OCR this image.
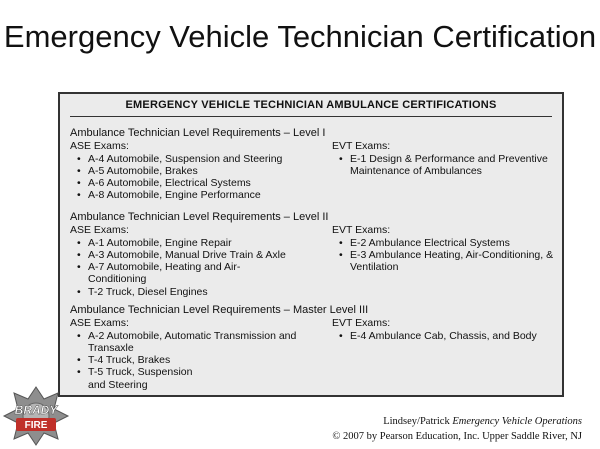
Emergency Vehicle Technician Certification
EMERGENCY VEHICLE TECHNICIAN AMBULANCE CERTIFICATIONS
Ambulance Technician Level Requirements – Level I
ASE Exams:
• A-4 Automobile, Suspension and Steering
• A-5 Automobile, Brakes
• A-6 Automobile, Electrical Systems
• A-8 Automobile, Engine Performance
EVT Exams:
• E-1 Design & Performance and Preventive Maintenance of Ambulances
Ambulance Technician Level Requirements – Level II
ASE Exams:
• A-1 Automobile, Engine Repair
• A-3 Automobile, Manual Drive Train & Axle
• A-7 Automobile, Heating and Air-Conditioning
• T-2 Truck, Diesel Engines
EVT Exams:
• E-2 Ambulance Electrical Systems
• E-3 Ambulance Heating, Air-Conditioning, & Ventilation
Ambulance Technician Level Requirements – Master Level III
ASE Exams:
• A-2 Automobile, Automatic Transmission and Transaxle
• T-4 Truck, Brakes
• T-5 Truck, Suspension and Steering
EVT Exams:
• E-4 Ambulance Cab, Chassis, and Body
BRADY
FIRE	Lindsey/Patrick Emergency Vehicle Operations
© 2007 by Pearson Education, Inc. Upper Saddle River, NJ
